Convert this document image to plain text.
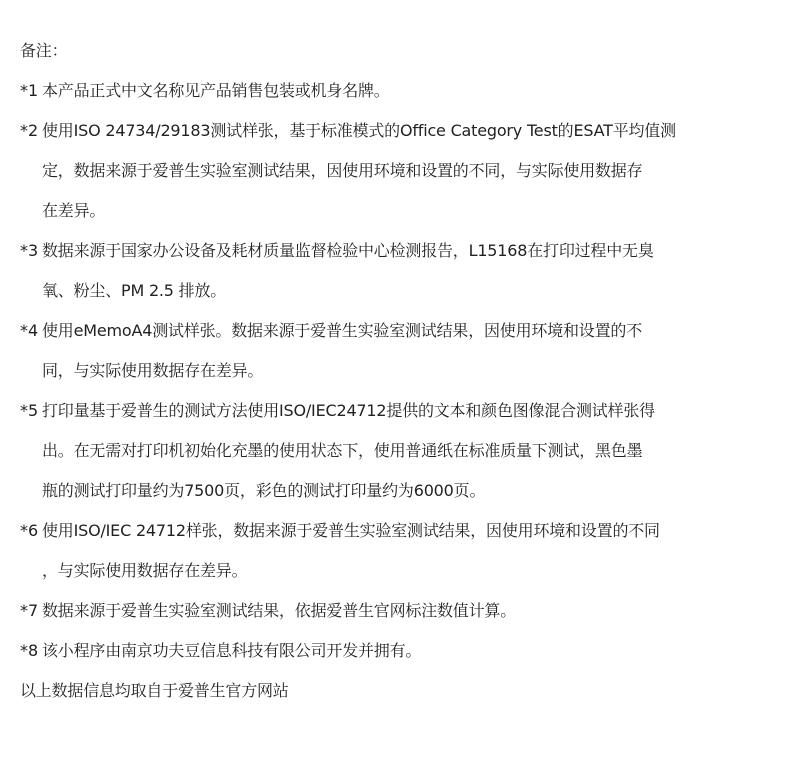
备注：
*1 本产品正式中文名称见产品销售包装或机身名牌。
*2 使用ISO 24734/29183测试样张，基于标准模式的Office Category Test的ESAT平均值测
定，数据来源于爱普生实验室测试结果，因使用环境和设置的不同，与实际使用数据存
在差异。
*3 数据来源于国家办公设备及耗材质量监督检验中心检测报告，L15168在打印过程中无臭
氧、粉尘、PM 2.5 排放。
*4 使用eMemoA4测试样张。数据来源于爱普生实验室测试结果，因使用环境和设置的不
同，与实际使用数据存在差异。
*5 打印量基于爱普生的测试方法使用ISO/IEC24712提供的文本和颜色图像混合测试样张得
出。在无需对打印机初始化充墨的使用状态下，使用普通纸在标准质量下测试，黑色墨
瓶的测试打印量约为7500页，彩色的测试打印量约为6000页。
*6 使用ISO/IEC 24712样张，数据来源于爱普生实验室测试结果，因使用环境和设置的不同
，与实际使用数据存在差异。
*7 数据来源于爱普生实验室测试结果，依据爱普生官网标注数值计算。
*8 该小程序由南京功夫豆信息科技有限公司开发并拥有。
以上数据信息均取自于爱普生官方网站
